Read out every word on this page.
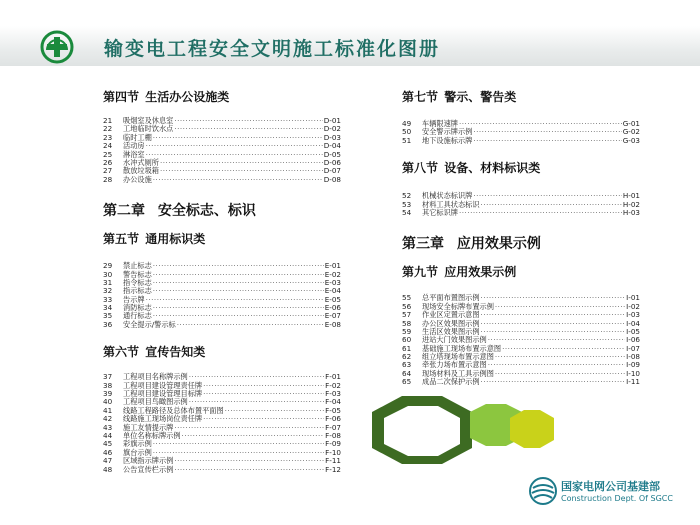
输变电工程安全文明施工标准化图册
第四节 生活办公设施类
21	吸烟室及休息室 ·····	D-01
22	工地临时饮水点 ·····	D-02
23	临时工棚 ·····	D-03
24	活动房 ·····	D-04
25	淋浴室 ·····	D-05
26	水冲式厕所 ·····	D-06
27	散放垃圾箱 ·····	D-07
28	办公设施 ·····	D-08
第二章 安全标志、标识
第五节 通用标识类
29	禁止标志 ·····	E-01
30	警告标志 ·····	E-02
31	指令标志 ·····	E-03
32	指示标志 ·····	E-04
33	告示牌 ·····	E-05
34	消防标志 ·····	E-06
35	通行标志 ·····	E-07
36	安全提示/警示标 ·····	E-08
第六节 宣传告知类
37	工程项目名称牌示例 ·····	F-01
38	工程项目建设管理责任牌 ·····	F-02
39	工程项目建设管理目标牌 ·····	F-03
40	工程项目鸟瞰图示例 ·····	F-04
41	线路工程路径及总体布置平面图 ·····	F-05
42	线路施工现场岗位责任牌 ·····	F-06
43	施工友情提示牌 ·····	F-07
44	单位名称标牌示例 ·····	F-08
45	彩旗示例 ·····	F-09
46	旗台示例 ·····	F-10
47	区域指示牌示例 ·····	F-11
48	公告宣传栏示例 ·····	F-12
第七节 警示、警告类
49	车辆限速牌 ·····	G-01
50	安全警示牌示例 ·····	G-02
51	地下设施标示牌 ·····	G-03
第八节 设备、材料标识类
52	机械状态标识牌 ·····	H-01
53	材料工具状态标识 ·····	H-02
54	其它标识牌 ·····	H-03
第三章 应用效果示例
第九节 应用效果示例
55	总平面布置图示例 ·····	I-01
56	现场安全标牌布置示例 ·····	I-02
57	作业区定置示意图 ·····	I-03
58	办公区效果图示例 ·····	I-04
59	生活区效果图示例 ·····	I-05
60	进站大门效果图示例 ·····	I-06
61	基础施工现场布置示意图 ·····	I-07
62	组立塔现场布置示意图 ·····	I-08
63	牵张力场布置示意图 ·····	I-09
64	现场材料及工具示例图 ·····	I-10
65	成品二次保护示例 ·····	I-11
国家电网公司基建部
Construction Dept. Of SGCC
